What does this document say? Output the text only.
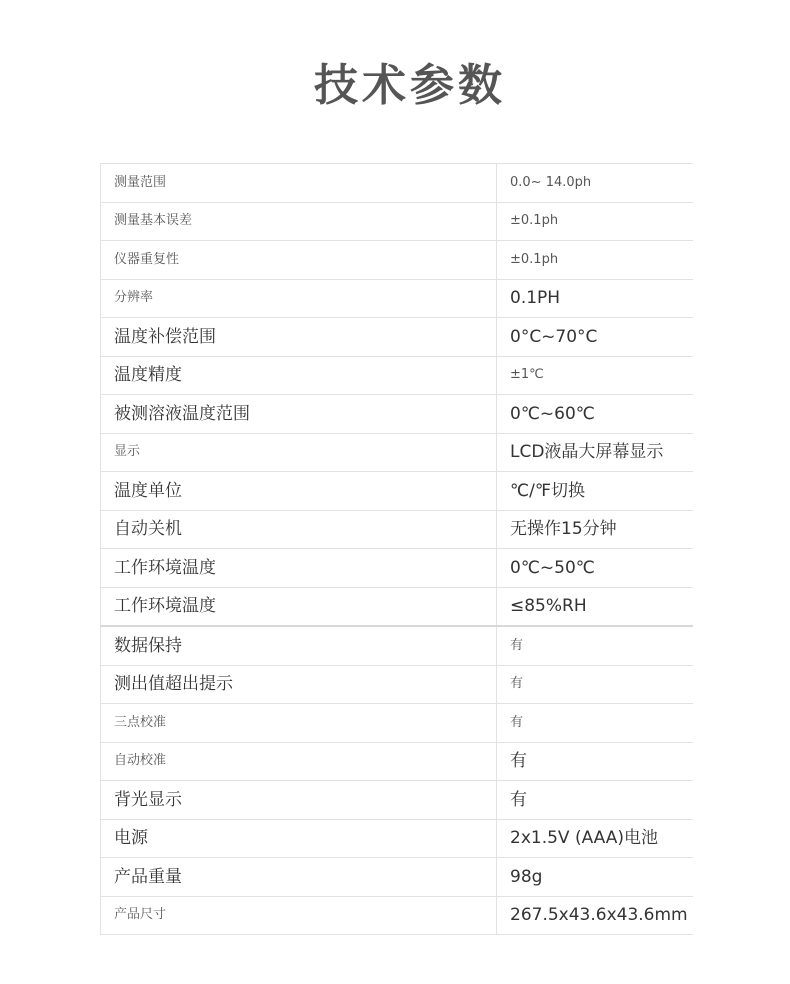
技术参数
测量范围	0.0~ 14.0ph
测量基本误差	±0.1ph
仪器重复性	±0.1ph
分辨率	0.1PH
温度补偿范围	0°C~70°C
温度精度	±1℃
被测溶液温度范围	0℃~60℃
显示	LCD液晶大屏幕显示
温度单位	℃/℉切换
自动关机	无操作15分钟
工作环境温度	0℃~50℃
工作环境温度	≤85%RH
数据保持	有
测出值超出提示	有
三点校准	有
自动校准	有
背光显示	有
电源	2x1.5V (AAA)电池
产品重量	98g
产品尺寸	267.5x43.6x43.6mm
